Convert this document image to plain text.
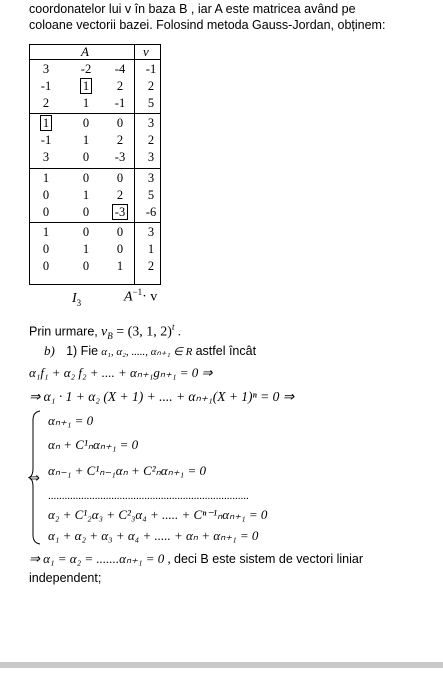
coordonatelor lui v în baza B , iar A este matricea având pe
coloane vectorii bazei. Folosind metoda Gauss-Jordan, obținem:
A	v
3	-2	-4	-1
-1	1	2	2
2	1	-1	5
1	0	0	3
-1	1	2	2
3	0	-3	3
1	0	0	3
0	1	2	5
0	0	-3	-6
1	0	0	3
0	1	0	1
0	0	1	2
$I_3$	$A^{-1}\cdot v$
Prin urmare, $v_B = (3$, 1, 2)$^t$ .
b) 1) Fie α₁, α₂, ....., αₙ₊₁ ∈ R astfel încât
α₁f₁ + α₂ f₂ + .... + αₙ₊₁gₙ₊₁ = 0 ⇒
⇒ α₁ · 1 + α₂ (X + 1) + .... + αₙ₊₁(X + 1)ⁿ = 0 ⇒
⇒
αₙ₊₁ = 0
αₙ + C¹ₙαₙ₊₁ = 0
αₙ₋₁ + C¹ₙ₋₁αₙ + C²ₙαₙ₊₁ = 0
.........................................................................
α₂ + C¹₂α₃ + C²₃α₄ + ..... + Cⁿ⁻¹ₙαₙ₊₁ = 0
α₁ + α₂ + α₃ + α₄ + ..... + αₙ + αₙ₊₁ = 0
⇒ α₁ = α₂ = .......αₙ₊₁ = 0 , deci B este sistem de vectori liniar
independent;
